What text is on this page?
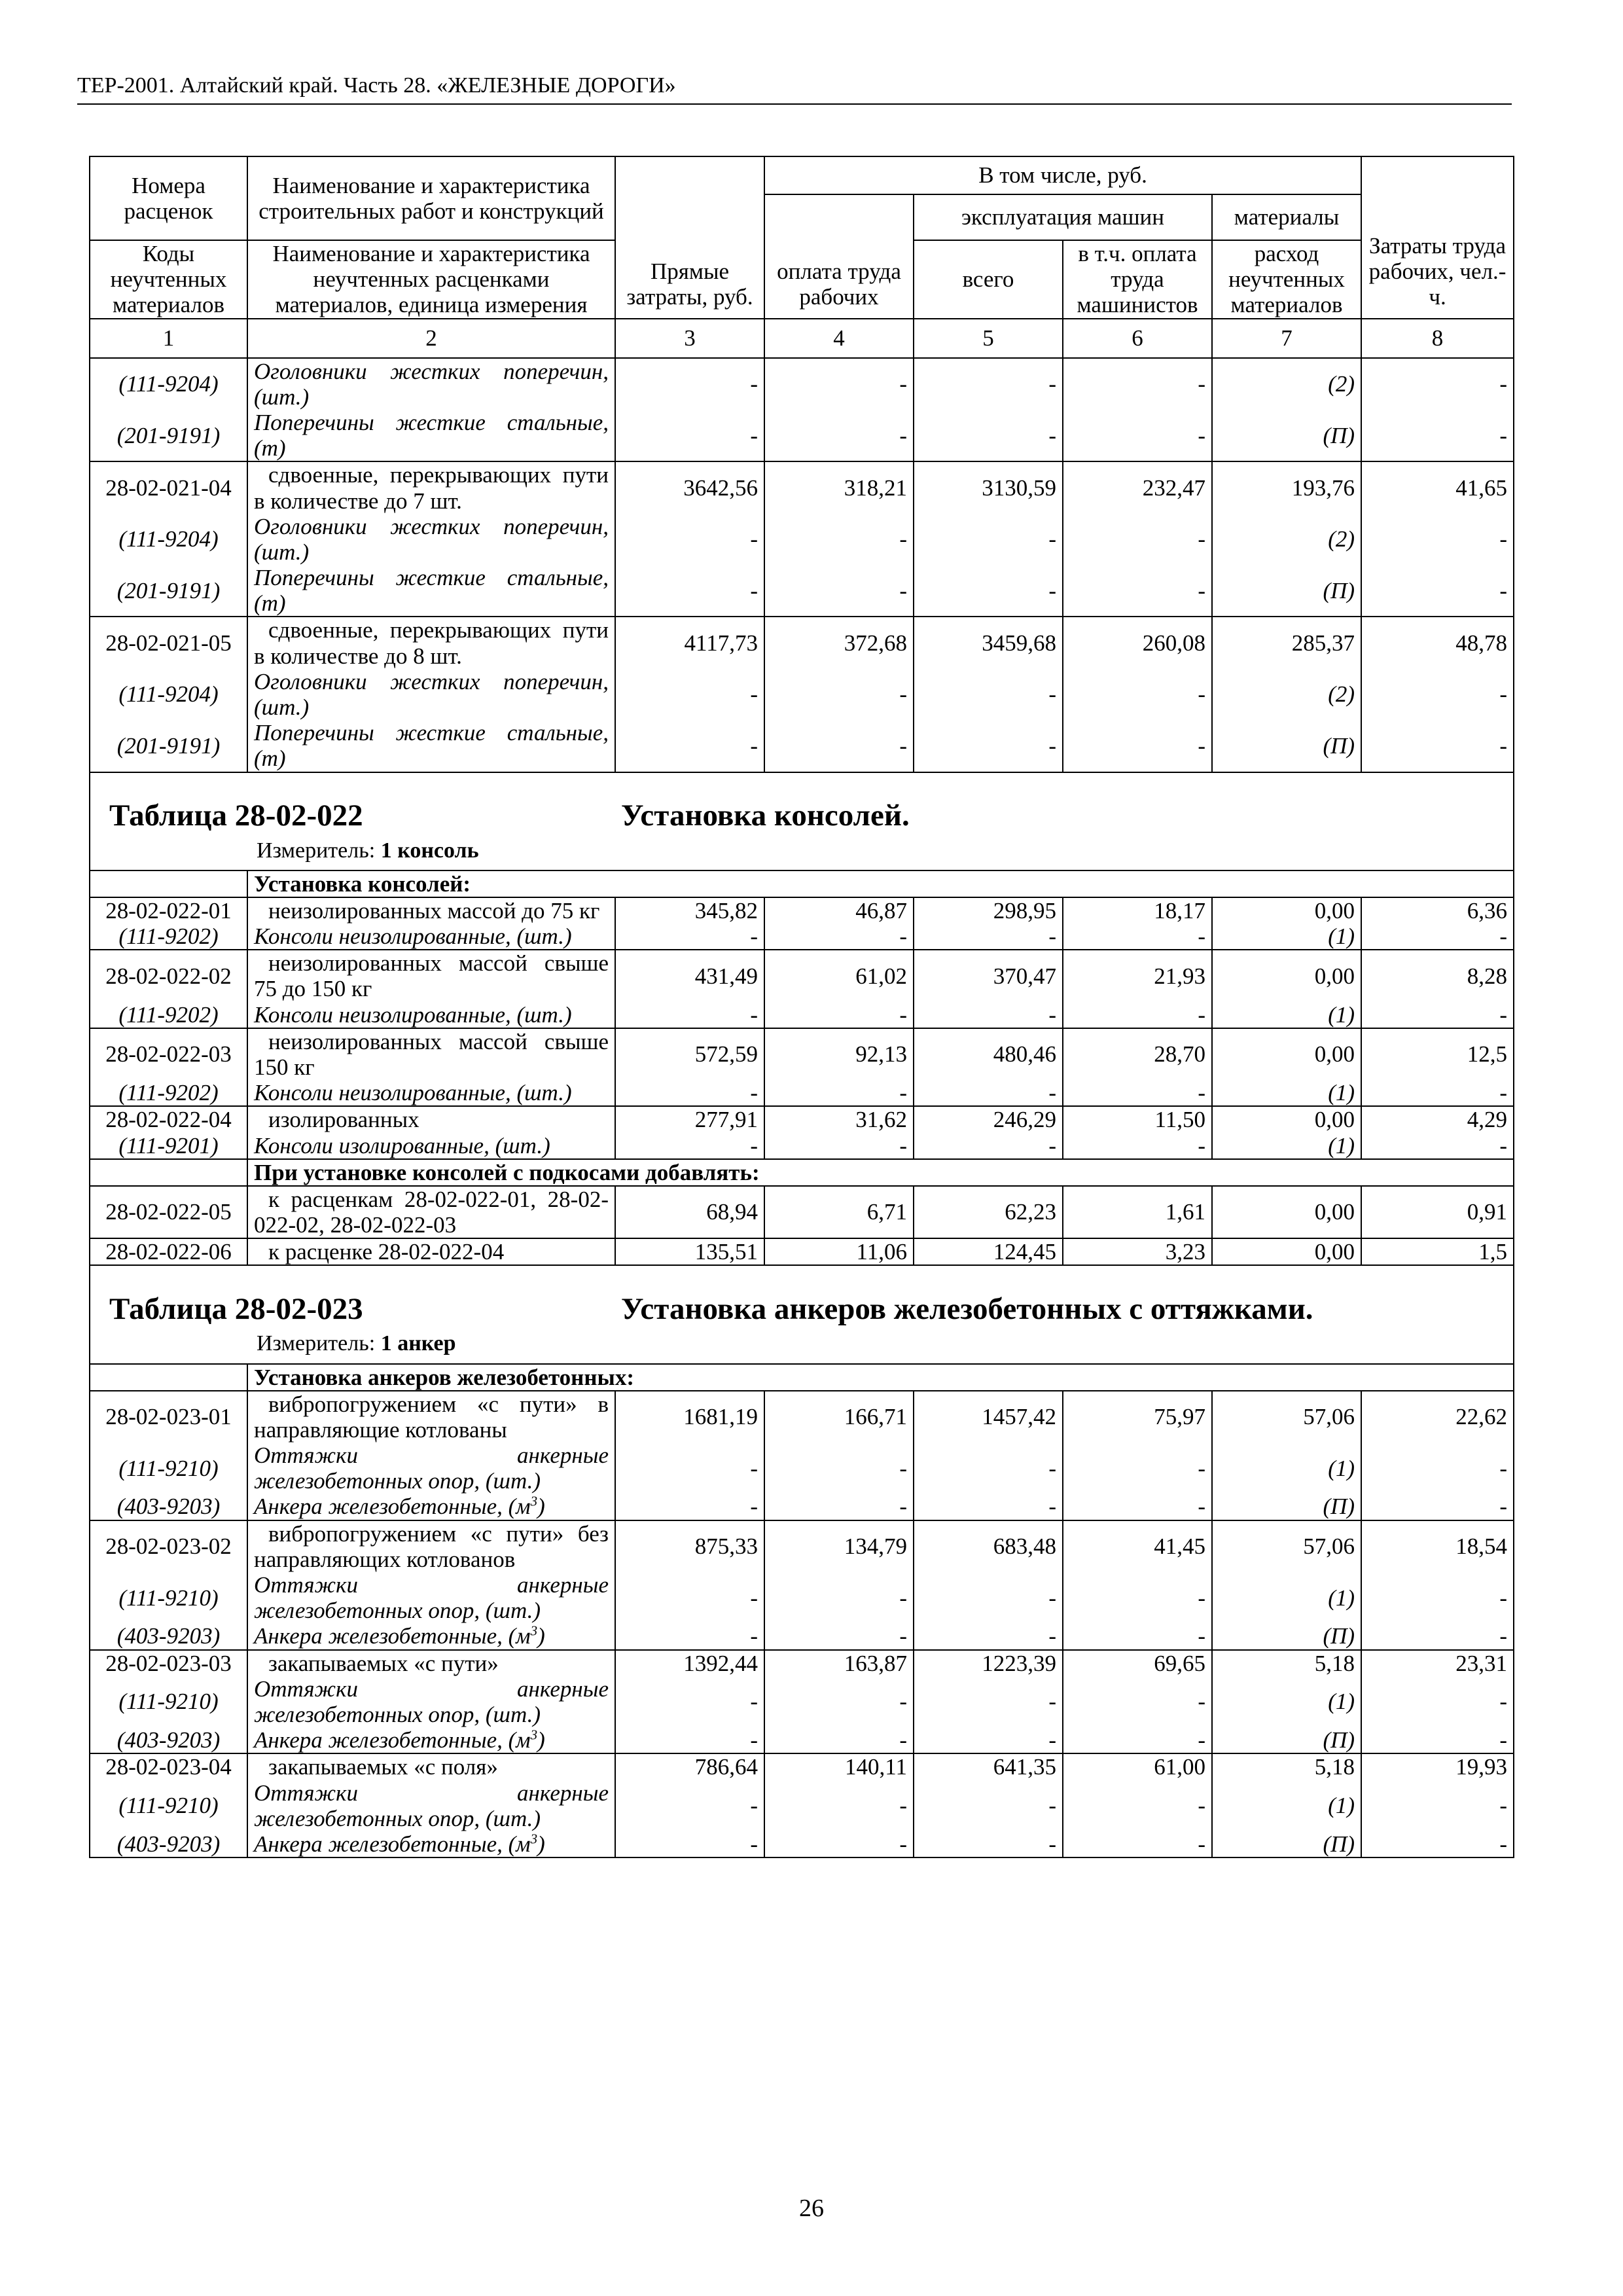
ТЕР-2001. Алтайский край. Часть 28. «ЖЕЛЕЗНЫЕ ДОРОГИ»
Номера расценок	Наименование и характеристика строительных работ и конструкций	Прямые затраты, руб.	В том числе, руб.				Затраты труда рабочих, чел.-ч.
			оплата труда рабочих	эксплуатация машин		материалы	
Коды неучтенных материалов	Наименование и характеристика неучтенных расценками материалов, единица измерения			всего	в т.ч. оплата труда машинистов	расход неучтенных материалов	
1	2	3	4	5	6	7	8
(111-9204)	Оголовники жестких поперечин, (шт.)	-	-	-	-	(2)	-
(201-9191)	Поперечины жесткие стальные, (т)	-	-	-	-	(П)	-
28-02-021-04	сдвоенные, перекрывающих пути в количестве до 7 шт.	3642,56	318,21	3130,59	232,47	193,76	41,65
(111-9204)	Оголовники жестких поперечин, (шт.)	-	-	-	-	(2)	-
(201-9191)	Поперечины жесткие стальные, (т)	-	-	-	-	(П)	-
28-02-021-05	сдвоенные, перекрывающих пути в количестве до 8 шт.	4117,73	372,68	3459,68	260,08	285,37	48,78
(111-9204)	Оголовники жестких поперечин, (шт.)	-	-	-	-	(2)	-
(201-9191)	Поперечины жесткие стальные, (т)	-	-	-	-	(П)	-
Таблица 28-02-022 Установка консолей.							

Измеритель: 1 консоль							

	Установка консолей:						
28-02-022-01	неизолированных массой до 75 кг	345,82	46,87	298,95	18,17	0,00	6,36
(111-9202)	Консоли неизолированные, (шт.)	-	-	-	-	(1)	-
28-02-022-02	неизолированных массой свыше 75 до 150 кг	431,49	61,02	370,47	21,93	0,00	8,28
(111-9202)	Консоли неизолированные, (шт.)	-	-	-	-	(1)	-
28-02-022-03	неизолированных массой свыше 150 кг	572,59	92,13	480,46	28,70	0,00	12,5
(111-9202)	Консоли неизолированные, (шт.)	-	-	-	-	(1)	-
28-02-022-04	изолированных	277,91	31,62	246,29	11,50	0,00	4,29
(111-9201)	Консоли изолированные, (шт.)	-	-	-	-	(1)	-
	При установке консолей с подкосами добавлять:						
28-02-022-05	к расценкам 28-02-022-01, 28-02-022-02, 28-02-022-03	68,94	6,71	62,23	1,61	0,00	0,91
28-02-022-06	к расценке 28-02-022-04	135,51	11,06	124,45	3,23	0,00	1,5
Таблица 28-02-023 Установка анкеров железобетонных с оттяжками.							

Измеритель: 1 анкер							

	Установка анкеров железобетонных:						
28-02-023-01	вибропогружением «с пути» в направляющие котлованы	1681,19	166,71	1457,42	75,97	57,06	22,62
(111-9210)	Оттяжки анкерные железобетонных опор, (шт.)	-	-	-	-	(1)	-
(403-9203)	Анкера железобетонные, $(м^3)$	-	-	-	-	(П)	-
28-02-023-02	вибропогружением «с пути» без направляющих котлованов	875,33	134,79	683,48	41,45	57,06	18,54
(111-9210)	Оттяжки анкерные железобетонных опор, (шт.)	-	-	-	-	(1)	-
(403-9203)	Анкера железобетонные, $(м^3)$	-	-	-	-	(П)	-
28-02-023-03	закапываемых «с пути»	1392,44	163,87	1223,39	69,65	5,18	23,31
(111-9210)	Оттяжки анкерные железобетонных опор, (шт.)	-	-	-	-	(1)	-
(403-9203)	Анкера железобетонные, $(м^3)$	-	-	-	-	(П)	-
28-02-023-04	закапываемых «с поля»	786,64	140,11	641,35	61,00	5,18	19,93
(111-9210)	Оттяжки анкерные железобетонных опор, (шт.)	-	-	-	-	(1)	-
(403-9203)	Анкера железобетонные, $(м^3)$	-	-	-	-	(П)	-
26
